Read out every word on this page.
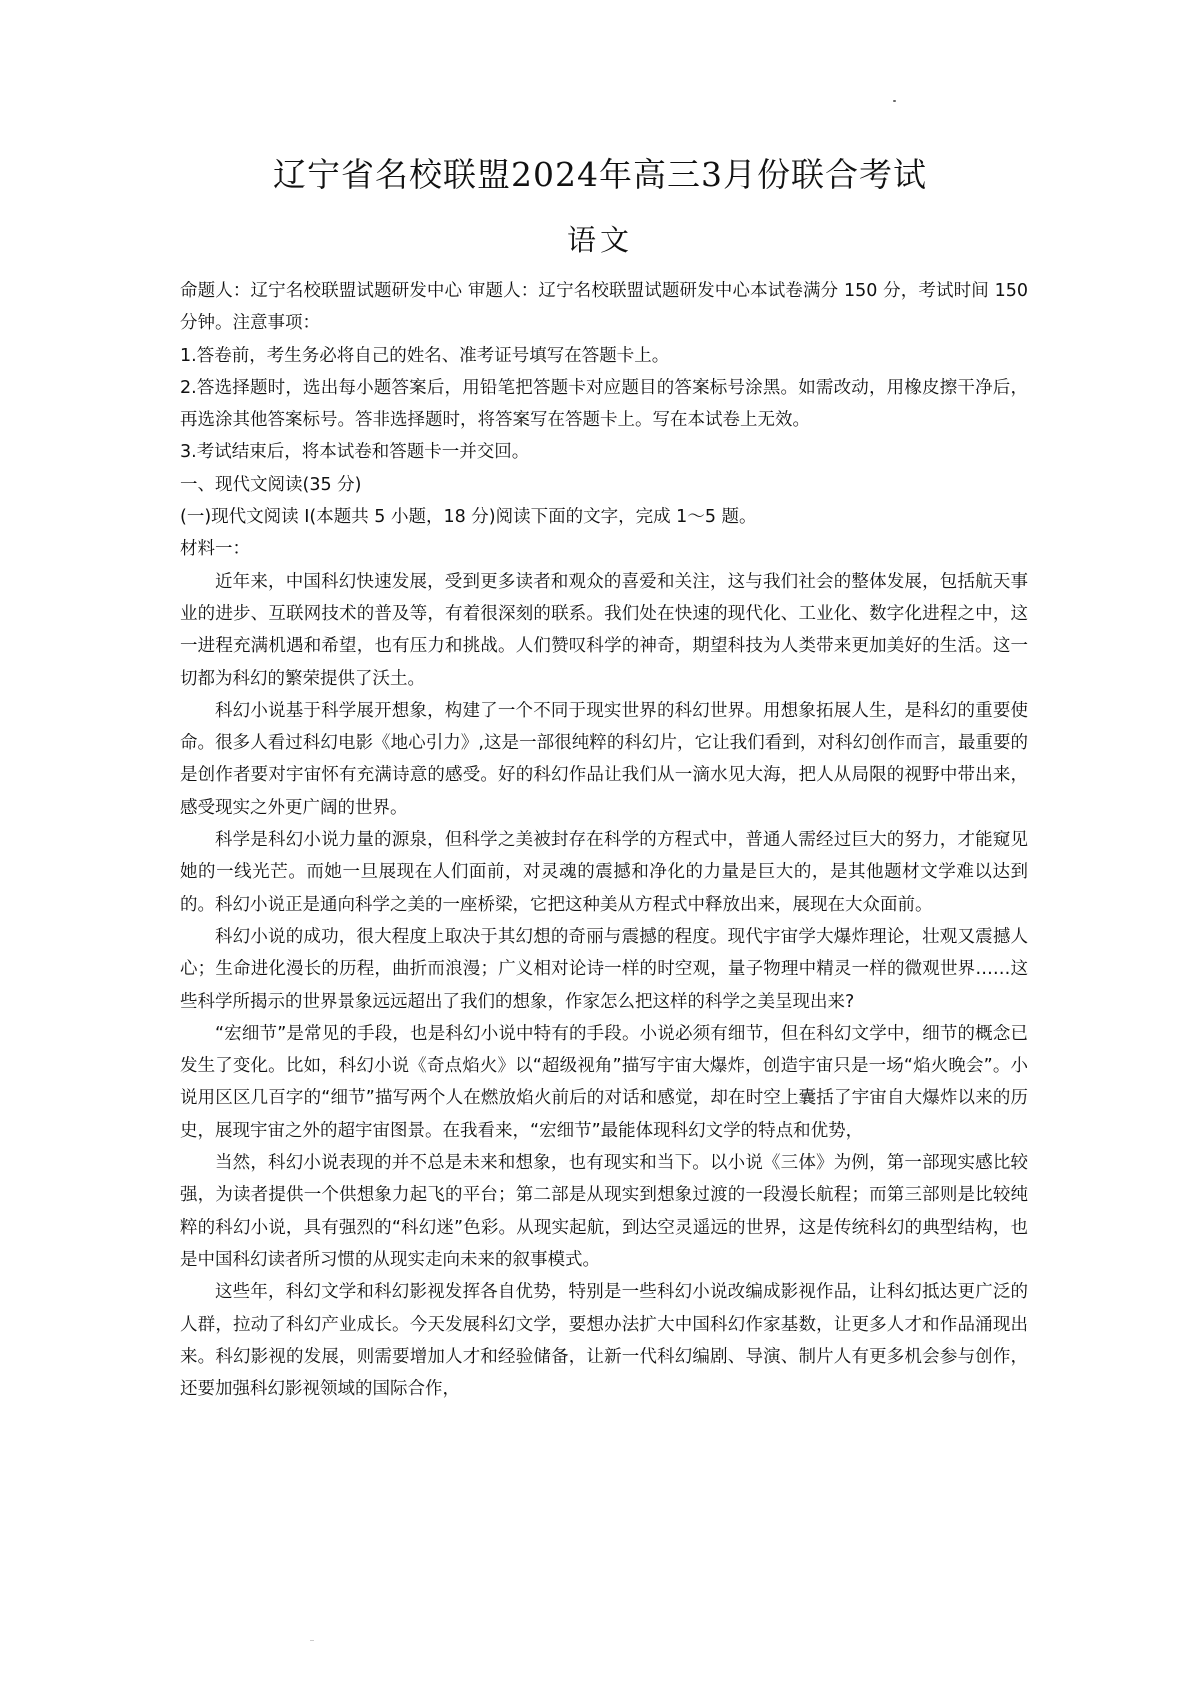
辽宁省名校联盟2024年高三3月份联合考试
语文

命题人：辽宁名校联盟试题研发中心 审题人：辽宁名校联盟试题研发中心本试卷满分 150 分，考试时间 150 分钟。注意事项：

1.答卷前，考生务必将自己的姓名、准考证号填写在答题卡上。

2.答选择题时，选出每小题答案后，用铅笔把答题卡对应题目的答案标号涂黑。如需改动，用橡皮擦干净后，再选涂其他答案标号。答非选择题时，将答案写在答题卡上。写在本试卷上无效。

3.考试结束后，将本试卷和答题卡一并交回。

一、现代文阅读(35 分)

(一)现代文阅读 I(本题共 5 小题，18 分)阅读下面的文字，完成 1～5 题。

材料一：

近年来，中国科幻快速发展，受到更多读者和观众的喜爱和关注，这与我们社会的整体发展，包括航天事业的进步、互联网技术的普及等，有着很深刻的联系。我们处在快速的现代化、工业化、数字化进程之中，这一进程充满机遇和希望，也有压力和挑战。人们赞叹科学的神奇，期望科技为人类带来更加美好的生活。这一切都为科幻的繁荣提供了沃土。

科幻小说基于科学展开想象，构建了一个不同于现实世界的科幻世界。用想象拓展人生，是科幻的重要使命。很多人看过科幻电影《地心引力》,这是一部很纯粹的科幻片，它让我们看到，对科幻创作而言，最重要的是创作者要对宇宙怀有充满诗意的感受。好的科幻作品让我们从一滴水见大海，把人从局限的视野中带出来，感受现实之外更广阔的世界。

科学是科幻小说力量的源泉，但科学之美被封存在科学的方程式中，普通人需经过巨大的努力，才能窥见她的一线光芒。而她一旦展现在人们面前，对灵魂的震撼和净化的力量是巨大的，是其他题材文学难以达到的。科幻小说正是通向科学之美的一座桥梁，它把这种美从方程式中释放出来，展现在大众面前。

科幻小说的成功，很大程度上取决于其幻想的奇丽与震撼的程度。现代宇宙学大爆炸理论，壮观又震撼人心；生命进化漫长的历程，曲折而浪漫；广义相对论诗一样的时空观，量子物理中精灵一样的微观世界……这些科学所揭示的世界景象远远超出了我们的想象，作家怎么把这样的科学之美呈现出来?

“宏细节”是常见的手段，也是科幻小说中特有的手段。小说必须有细节，但在科幻文学中，细节的概念已发生了变化。比如，科幻小说《奇点焰火》以“超级视角”描写宇宙大爆炸，创造宇宙只是一场“焰火晚会”。小说用区区几百字的“细节”描写两个人在燃放焰火前后的对话和感觉，却在时空上囊括了宇宙自大爆炸以来的历史，展现宇宙之外的超宇宙图景。在我看来，“宏细节”最能体现科幻文学的特点和优势，

当然，科幻小说表现的并不总是未来和想象，也有现实和当下。以小说《三体》为例，第一部现实感比较强，为读者提供一个供想象力起飞的平台；第二部是从现实到想象过渡的一段漫长航程；而第三部则是比较纯粹的科幻小说，具有强烈的“科幻迷”色彩。从现实起航，到达空灵遥远的世界，这是传统科幻的典型结构，也是中国科幻读者所习惯的从现实走向未来的叙事模式。

这些年，科幻文学和科幻影视发挥各自优势，特别是一些科幻小说改编成影视作品，让科幻抵达更广泛的人群，拉动了科幻产业成长。今天发展科幻文学，要想办法扩大中国科幻作家基数，让更多人才和作品涌现出来。科幻影视的发展，则需要增加人才和经验储备，让新一代科幻编剧、导演、制片人有更多机会参与创作，还要加强科幻影视领域的国际合作，
